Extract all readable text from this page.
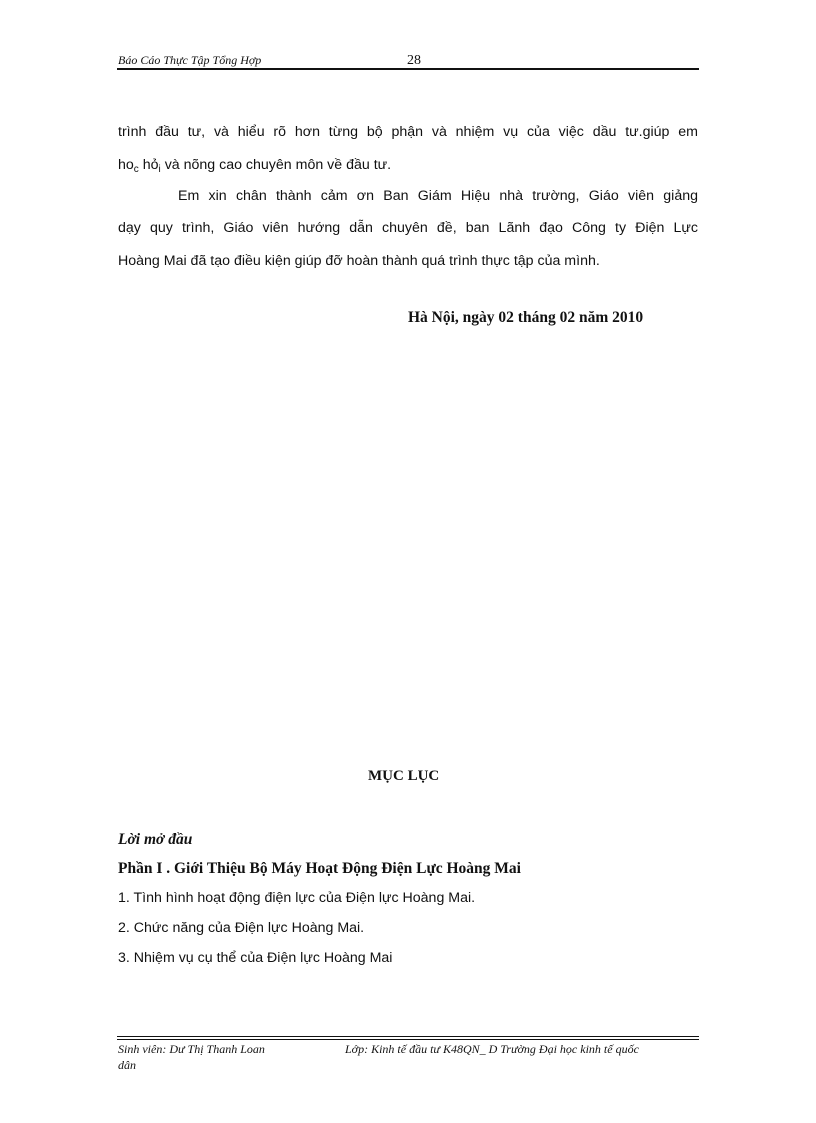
Báo Cáo Thực Tập Tổng Hợp	28
trình đầu tư, và hiểu rõ hơn từng bộ phận và nhiệm vụ của việc dầu tư.giúp em
$ho_c$ hỏ$_i$ và nõng cao chuyên môn về đầu tư.
Em xin chân thành cảm ơn Ban Giám Hiệu nhà trường, Giáo viên giảng
dạy quy trình, Giáo viên hướng dẫn chuyên đề, ban Lãnh đạo Công ty Điện Lực
Hoàng Mai đã tạo điều kiện giúp đỡ hoàn thành quá trình thực tập của mình.
Hà Nội, ngày 02 tháng 02 năm 2010
MỤC LỤC
Lời mở đầu
Phần I . Giới Thiệu Bộ Máy Hoạt Động Điện Lực Hoàng Mai
1. Tình hình hoạt động điện lực của Điện lực Hoàng Mai.
2. Chức năng của Điện lực Hoàng Mai.
3. Nhiệm vụ cụ thể của Điện lực Hoàng Mai
Sinh viên: Dư Thị Thanh Loan	Lớp: Kinh tế đầu tư K48QN_ D Trường Đại học kinh tế quốc
dân
